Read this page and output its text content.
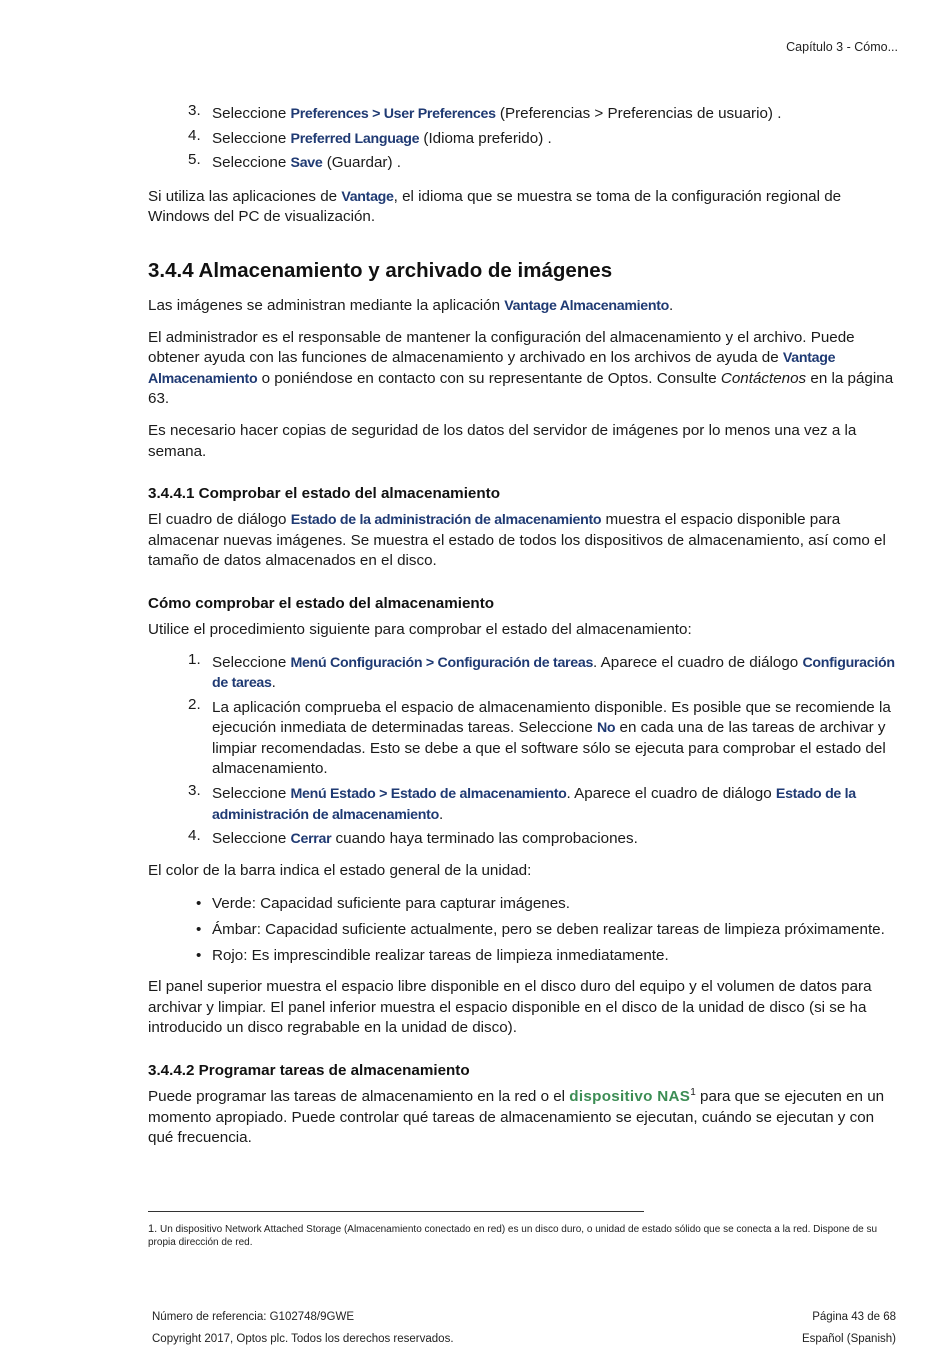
Capítulo 3 - Cómo...
3. Seleccione Preferences > User Preferences (Preferencias > Preferencias de usuario) .
4. Seleccione Preferred Language (Idioma preferido) .
5. Seleccione Save (Guardar) .

Si utiliza las aplicaciones de Vantage, el idioma que se muestra se toma de la configuración regional de Windows del PC de visualización.

3.4.4 Almacenamiento y archivado de imágenes

Las imágenes se administran mediante la aplicación Vantage Almacenamiento.

El administrador es el responsable de mantener la configuración del almacenamiento y el archivo. Puede obtener ayuda con las funciones de almacenamiento y archivado en los archivos de ayuda de Vantage Almacenamiento o poniéndose en contacto con su representante de Optos. Consulte Contáctenos en la página 63.

Es necesario hacer copias de seguridad de los datos del servidor de imágenes por lo menos una vez a la semana.

3.4.4.1 Comprobar el estado del almacenamiento

El cuadro de diálogo Estado de la administración de almacenamiento muestra el espacio disponible para almacenar nuevas imágenes. Se muestra el estado de todos los dispositivos de almacenamiento, así como el tamaño de datos almacenados en el disco.

Cómo comprobar el estado del almacenamiento

Utilice el procedimiento siguiente para comprobar el estado del almacenamiento:

1. Seleccione Menú Configuración > Configuración de tareas. Aparece el cuadro de diálogo Configuración de tareas.
2. La aplicación comprueba el espacio de almacenamiento disponible. Es posible que se recomiende la ejecución inmediata de determinadas tareas. Seleccione No en cada una de las tareas de archivar y limpiar recomendadas. Esto se debe a que el software sólo se ejecuta para comprobar el estado del almacenamiento.
3. Seleccione Menú Estado > Estado de almacenamiento. Aparece el cuadro de diálogo Estado de la administración de almacenamiento.
4. Seleccione Cerrar cuando haya terminado las comprobaciones.

El color de la barra indica el estado general de la unidad:

• Verde: Capacidad suficiente para capturar imágenes.
• Ámbar: Capacidad suficiente actualmente, pero se deben realizar tareas de limpieza próximamente.
• Rojo: Es imprescindible realizar tareas de limpieza inmediatamente.

El panel superior muestra el espacio libre disponible en el disco duro del equipo y el volumen de datos para archivar y limpiar. El panel inferior muestra el espacio disponible en el disco de la unidad de disco (si se ha introducido un disco regrabable en la unidad de disco).

3.4.4.2 Programar tareas de almacenamiento

Puede programar las tareas de almacenamiento en la red o el dispositivo NAS$^1$ para que se ejecuten en un momento apropiado. Puede controlar qué tareas de almacenamiento se ejecutan, cuándo se ejecutan y con qué frecuencia.

1. Un dispositivo Network Attached Storage (Almacenamiento conectado en red) es un disco duro, o unidad de estado sólido que se conecta a la red. Dispone de su propia dirección de red.
Número de referencia: G102748/9GWE
Copyright 2017, Optos plc. Todos los derechos reservados.
Página 43 de 68
Español (Spanish)
